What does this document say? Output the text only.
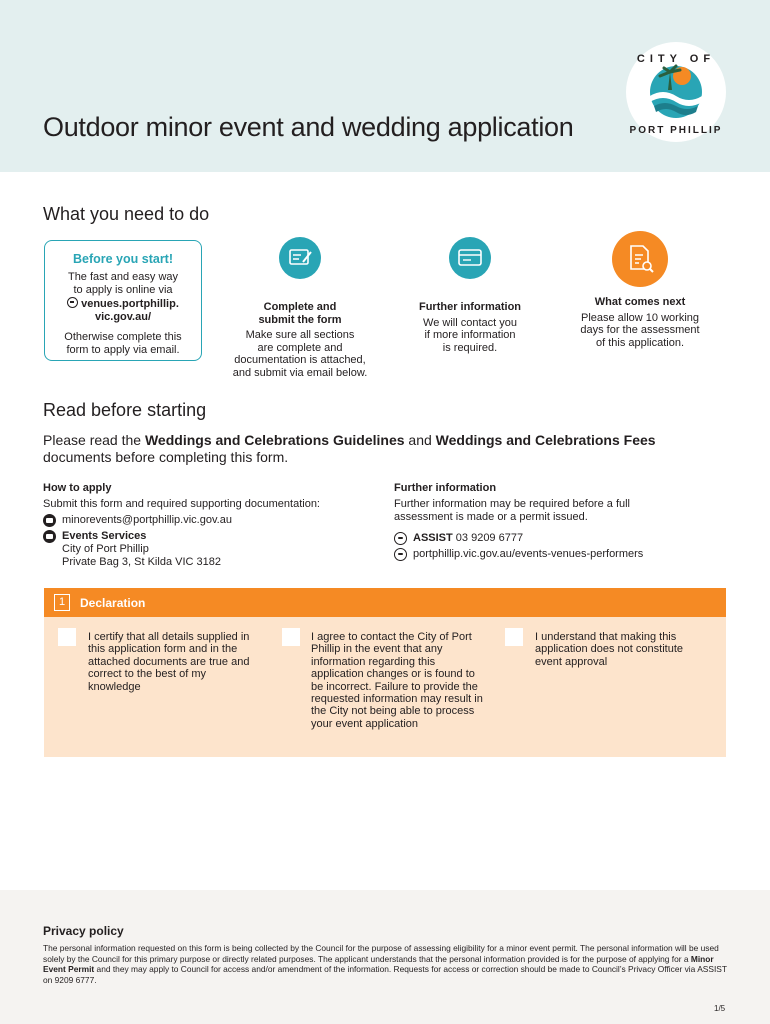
Outdoor minor event and wedding application
CITY OF
PORT PHILLIP
What you need to do
Before you start!
The fast and easy way
to apply is online via
venues.portphillip.
vic.gov.au/
Otherwise complete this
form to apply via email.
Complete and
submit the form
Make sure all sections
are complete and
documentation is attached,
and submit via email below.
Further information
We will contact you
if more information
is required.
What comes next
Please allow 10 working
days for the assessment
of this application.
Read before starting
Please read the Weddings and Celebrations Guidelines and Weddings and Celebrations Fees
documents before completing this form.
How to apply
Submit this form and required supporting documentation:
minorevents@portphillip.vic.gov.au
Events Services
City of Port Phillip
Private Bag 3, St Kilda VIC 3182
Further information
Further information may be required before a full
assessment is made or a permit issued.
ASSIST 03 9209 6777
portphillip.vic.gov.au/events-venues-performers
1	Declaration
I certify that all details supplied in this application form and in the attached documents are true and correct to the best of my knowledge
I agree to contact the City of Port Phillip in the event that any information regarding this application changes or is found to be incorrect. Failure to provide the requested information may result in the City not being able to process your event application
I understand that making this application does not constitute event approval
Privacy policy
The personal information requested on this form is being collected by the Council for the purpose of assessing eligibility for a minor event permit. The personal information will be used solely by the Council for this primary purpose or directly related purposes. The applicant understands that the personal information provided is for the purpose of applying for a Minor Event Permit and they may apply to Council for access and/or amendment of the information. Requests for access or correction should be made to Council’s Privacy Officer via ASSIST on 9209 6777.
1/5
